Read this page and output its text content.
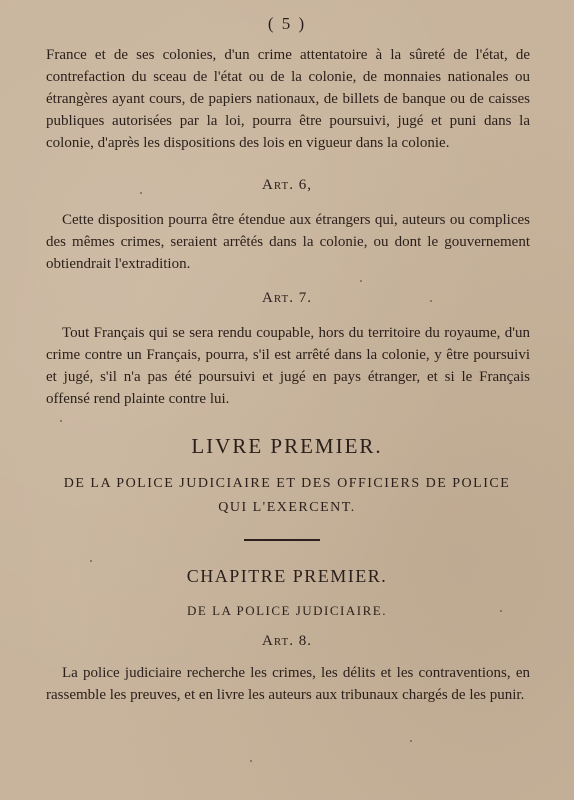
( 5 )

France et de ses colonies, d'un crime attentatoire à la sûreté de l'état, de contrefaction du sceau de l'état ou de la colonie, de monnaies nationales ou étrangères ayant cours, de papiers nationaux, de billets de banque ou de caisses publiques autorisées par la loi, pourra être poursuivi, jugé et puni dans la colonie, d'après les dispositions des lois en vigueur dans la colonie.

Art. 6,

Cette disposition pourra être étendue aux étrangers qui, auteurs ou complices des mêmes crimes, seraient arrêtés dans la colonie, ou dont le gouvernement obtiendrait l'extradition.

Art. 7.

Tout Français qui se sera rendu coupable, hors du territoire du royaume, d'un crime contre un Français, pourra, s'il est arrêté dans la colonie, y être poursuivi et jugé, s'il n'a pas été poursuivi et jugé en pays étranger, et si le Français offensé rend plainte contre lui.

LIVRE PREMIER.
DE LA POLICE JUDICIAIRE ET DES OFFICIERS DE POLICE
QUI L'EXERCENT.
CHAPITRE PREMIER.
DE LA POLICE JUDICIAIRE.
Art. 8.

La police judiciaire recherche les crimes, les délits et les contraventions, en rassemble les preuves, et en livre les auteurs aux tribunaux chargés de les punir.
